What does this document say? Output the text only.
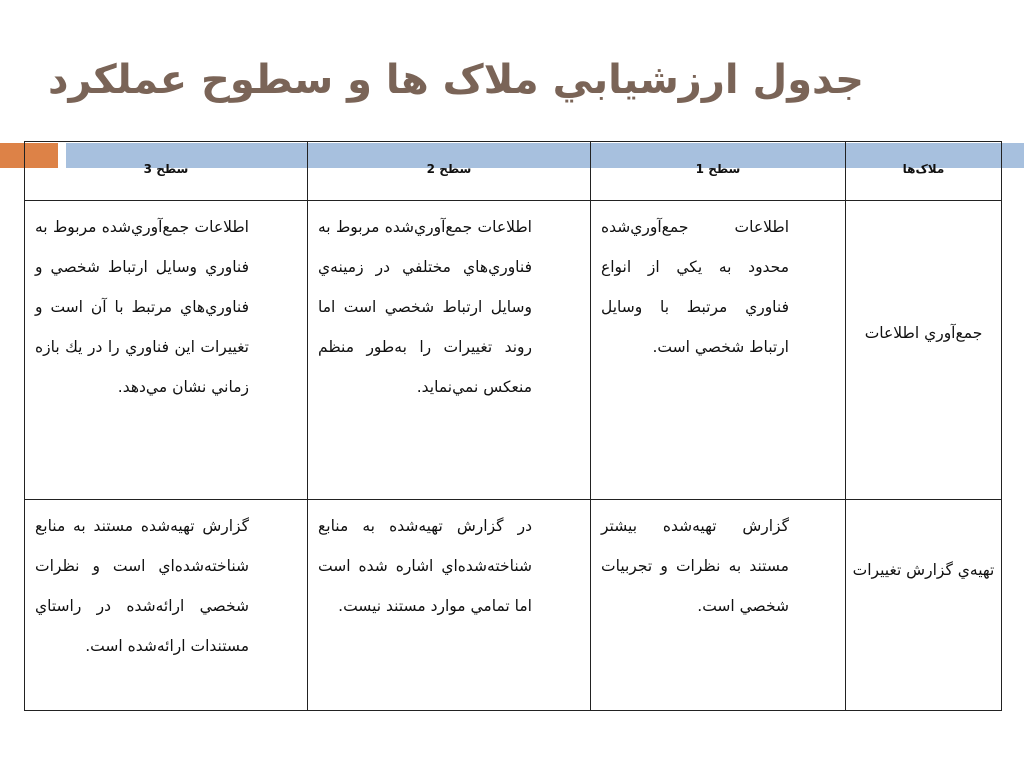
جدول ارزشيابي ملاک ها و سطوح عملکرد
سطح 3	سطح 2	سطح 1	ملاک‌ها

اطلاعات جمع‌آوري‌شده مربوط به فناوري وسايل ارتباط شخصي و فناوري‌هاي مرتبط با آن است و تغييرات اين فناوري را در يك بازه زماني نشان مي‌دهد.	اطلاعات جمع‌آوري‌شده مربوط به فناوري‌هاي مختلفي در زمينه‌ي وسايل ارتباط شخصي است اما روند تغييرات را به‌طور منظم منعكس نمي‌نمايد.	اطلاعات جمع‌آوري‌شده محدود به يكي از انواع فناوري مرتبط با وسايل ارتباط شخصي است.	جمع‌آوري اطلاعات

گزارش تهيه‌شده مستند به منابع شناخته‌شده‌اي است و نظرات شخصي ارائه‌شده در راستاي مستندات ارائه‌شده است.	در گزارش تهيه‌شده به منابع شناخته‌شده‌اي اشاره شده است اما تمامي موارد مستند نيست.	گزارش تهيه‌شده بيشتر مستند به نظرات و تجربيات شخصي است.	تهيه‌ي گزارش تغييرات
